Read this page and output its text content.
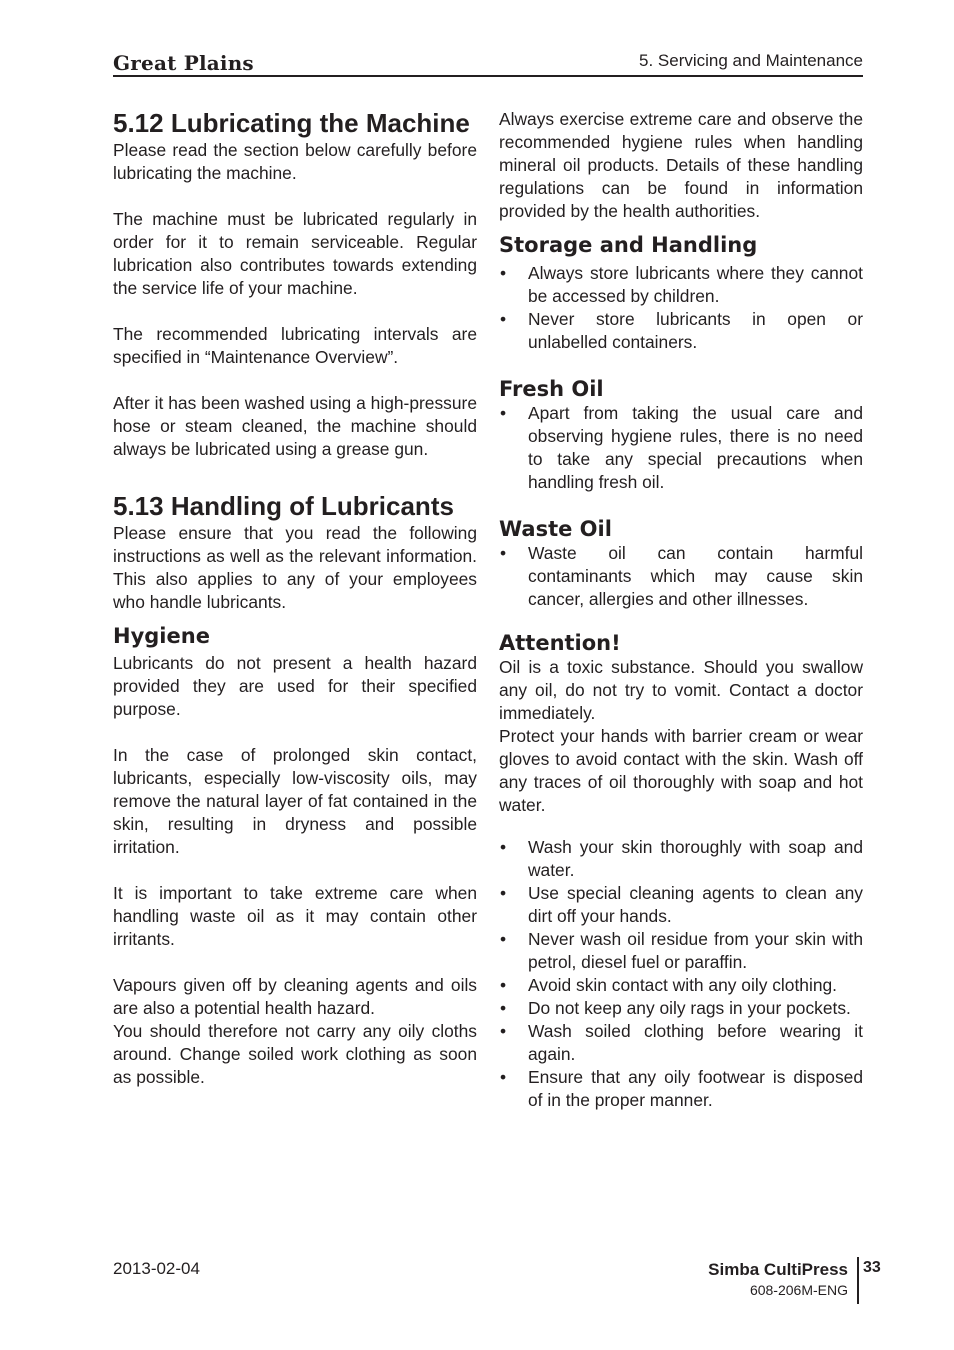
Great Plains	5. Servicing and Maintenance
5.12 Lubricating the Machine

Please read the section below carefully before lubricating the machine.

The machine must be lubricated regularly in order for it to remain serviceable. Regular lubrication also contributes towards extending the service life of your machine.

The recommended lubricating intervals are specified in “Maintenance Overview”.

After it has been washed using a high-pressure hose or steam cleaned, the machine should always be lubricated using a grease gun.

5.13 Handling of Lubricants

Please ensure that you read the following instructions as well as the relevant information. This also applies to any of your employees who handle lubricants.

Hygiene

Lubricants do not present a health hazard provided they are used for their specified purpose.

In the case of prolonged skin contact, lubricants, especially low-viscosity oils, may remove the natural layer of fat contained in the skin, resulting in dryness and possible irritation.

It is important to take extreme care when handling waste oil as it may contain other irritants.

Vapours given off by cleaning agents and oils are also a potential health hazard.

You should therefore not carry any oily cloths around. Change soiled work clothing as soon as possible.

Always exercise extreme care and observe the recommended hygiene rules when handling mineral oil products. Details of these handling regulations can be found in information provided by the health authorities.

Storage and Handling
• Always store lubricants where they cannot be accessed by children.
• Never store lubricants in open or unlabelled containers.
Fresh Oil
• Apart from taking the usual care and observing hygiene rules, there is no need to take any special precautions when handling fresh oil.
Waste Oil
• Waste oil can contain harmful contaminants which may cause skin cancer, allergies and other illnesses.
Attention!

Oil is a toxic substance. Should you swallow any oil, do not try to vomit. Contact a doctor immediately.

Protect your hands with barrier cream or wear gloves to avoid contact with the skin. Wash off any traces of oil thoroughly with soap and hot water.

• Wash your skin thoroughly with soap and water.
• Use special cleaning agents to clean any dirt off your hands.
• Never wash oil residue from your skin with petrol, diesel fuel or paraffin.
• Avoid skin contact with any oily clothing.
• Do not keep any oily rags in your pockets.
• Wash soiled clothing before wearing it again.
• Ensure that any oily footwear is disposed of in the proper manner.
2013-02-04	Simba CultiPress
608-206M-ENG
33
